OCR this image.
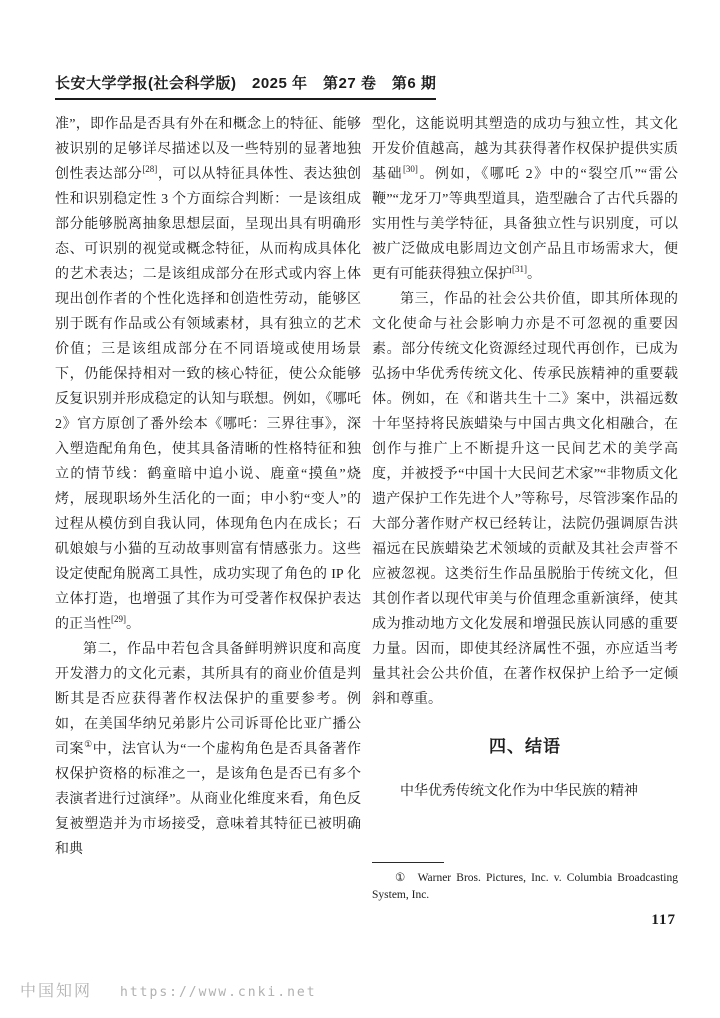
长安大学学报(社会科学版)　2025 年　第27 卷　第6 期

准”，即作品是否具有外在和概念上的特征、能够被识别的足够详尽描述以及一些特别的显著地独创性表达部分[28]，可以从特征具体性、表达独创性和识别稳定性 3 个方面综合判断：一是该组成部分能够脱离抽象思想层面，呈现出具有明确形态、可识别的视觉或概念特征，从而构成具体化的艺术表达；二是该组成部分在形式或内容上体现出创作者的个性化选择和创造性劳动，能够区别于既有作品或公有领域素材，具有独立的艺术价值；三是该组成部分在不同语境或使用场景下，仍能保持相对一致的核心特征，使公众能够反复识别并形成稳定的认知与联想。例如，《哪吒2》官方原创了番外绘本《哪吒：三界往事》，深入塑造配角角色，使其具备清晰的性格特征和独立的情节线：鹤童暗中追小说、鹿童“摸鱼”烧烤，展现职场外生活化的一面；申小豹“变人”的过程从模仿到自我认同，体现角色内在成长；石矶娘娘与小猫的互动故事则富有情感张力。这些设定使配角脱离工具性，成功实现了角色的 IP 化立体打造，也增强了其作为可受著作权保护表达的正当性[29]。

第二，作品中若包含具备鲜明辨识度和高度开发潜力的文化元素，其所具有的商业价值是判断其是否应获得著作权法保护的重要参考。例如，在美国华纳兄弟影片公司诉哥伦比亚广播公司案①中，法官认为“一个虚构角色是否具备著作权保护资格的标准之一，是该角色是否已有多个表演者进行过演绎”。从商业化维度来看，角色反复被塑造并为市场接受，意味着其特征已被明确和典

型化，这能说明其塑造的成功与独立性，其文化开发价值越高，越为其获得著作权保护提供实质基础[30]。例如，《哪吒 2》中的“裂空爪”“雷公鞭”“龙牙刀”等典型道具，造型融合了古代兵器的实用性与美学特征，具备独立性与识别度，可以被广泛做成电影周边文创产品且市场需求大，便更有可能获得独立保护[31]。

第三，作品的社会公共价值，即其所体现的文化使命与社会影响力亦是不可忽视的重要因素。部分传统文化资源经过现代再创作，已成为弘扬中华优秀传统文化、传承民族精神的重要载体。例如，在《和谐共生十二》案中，洪福远数十年坚持将民族蜡染与中国古典文化相融合，在创作与推广上不断提升这一民间艺术的美学高度，并被授予“中国十大民间艺术家”“非物质文化遗产保护工作先进个人”等称号，尽管涉案作品的大部分著作财产权已经转让，法院仍强调原告洪福远在民族蜡染艺术领域的贡献及其社会声誉不应被忽视。这类衍生作品虽脱胎于传统文化，但其创作者以现代审美与价值理念重新演绎，使其成为推动地方文化发展和增强民族认同感的重要力量。因而，即使其经济属性不强，亦应适当考量其社会公共价值，在著作权保护上给予一定倾斜和尊重。

四、结语

中华优秀传统文化作为中华民族的精神

① Warner Bros. Pictures, Inc. v. Columbia Broadcasting System, Inc.

117
中国知网 https://www.cnki.net
